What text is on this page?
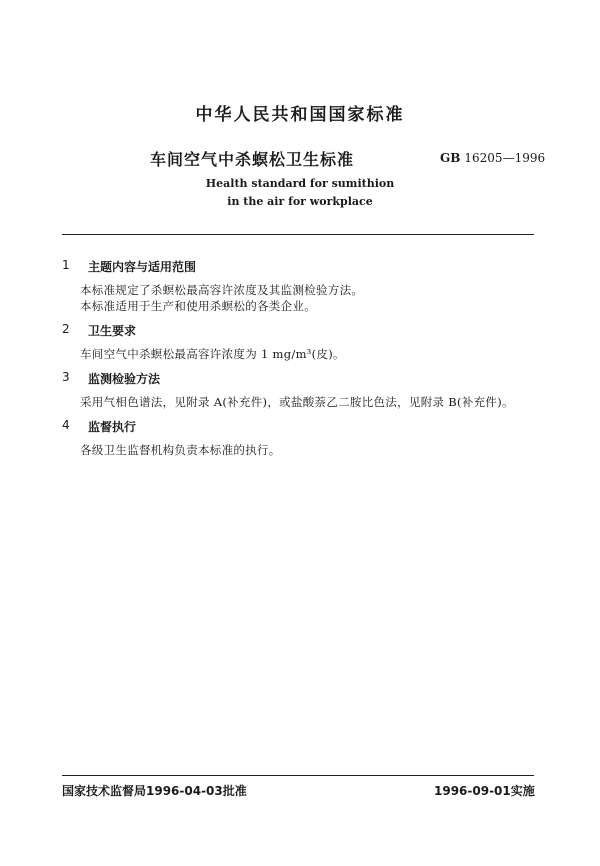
中华人民共和国国家标准
车间空气中杀螟松卫生标准	GB 16205—1996
Health standard for sumithion
in the air for workplace
1 主题内容与适用范围
本标准规定了杀螟松最高容许浓度及其监测检验方法。
本标准适用于生产和使用杀螟松的各类企业。
2 卫生要求
车间空气中杀螟松最高容许浓度为 1 mg/m³(皮)。
3 监测检验方法
采用气相色谱法，见附录 A(补充件)，或盐酸萘乙二胺比色法，见附录 B(补充件)。
4 监督执行
各级卫生监督机构负责本标准的执行。
国家技术监督局1996-04-03批准	1996-09-01实施
